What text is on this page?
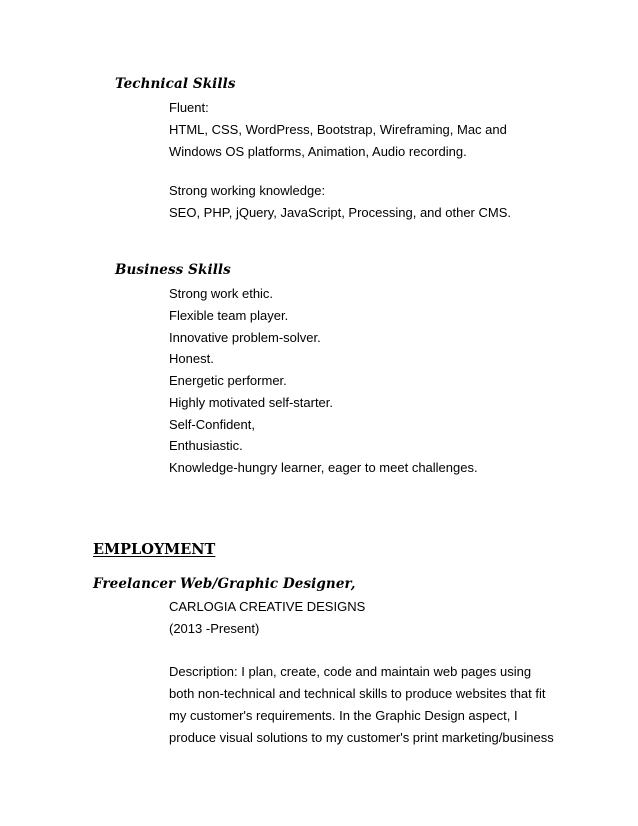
Technical Skills
Fluent:
HTML, CSS, WordPress, Bootstrap, Wireframing, Mac and
Windows OS platforms, Animation, Audio recording.
Strong working knowledge:
SEO, PHP, jQuery, JavaScript, Processing, and other CMS.
Business Skills
Strong work ethic.
Flexible team player.
Innovative problem-solver.
Honest.
Energetic performer.
Highly motivated self-starter.
Self-Confident,
Enthusiastic.
Knowledge-hungry learner, eager to meet challenges.
EMPLOYMENT
Freelancer Web/Graphic Designer,
CARLOGIA CREATIVE DESIGNS
(2013 -Present)
Description: I plan, create, code and maintain web pages using
both non-technical and technical skills to produce websites that fit
my customer's requirements. In the Graphic Design aspect, I
produce visual solutions to my customer's print marketing/business
